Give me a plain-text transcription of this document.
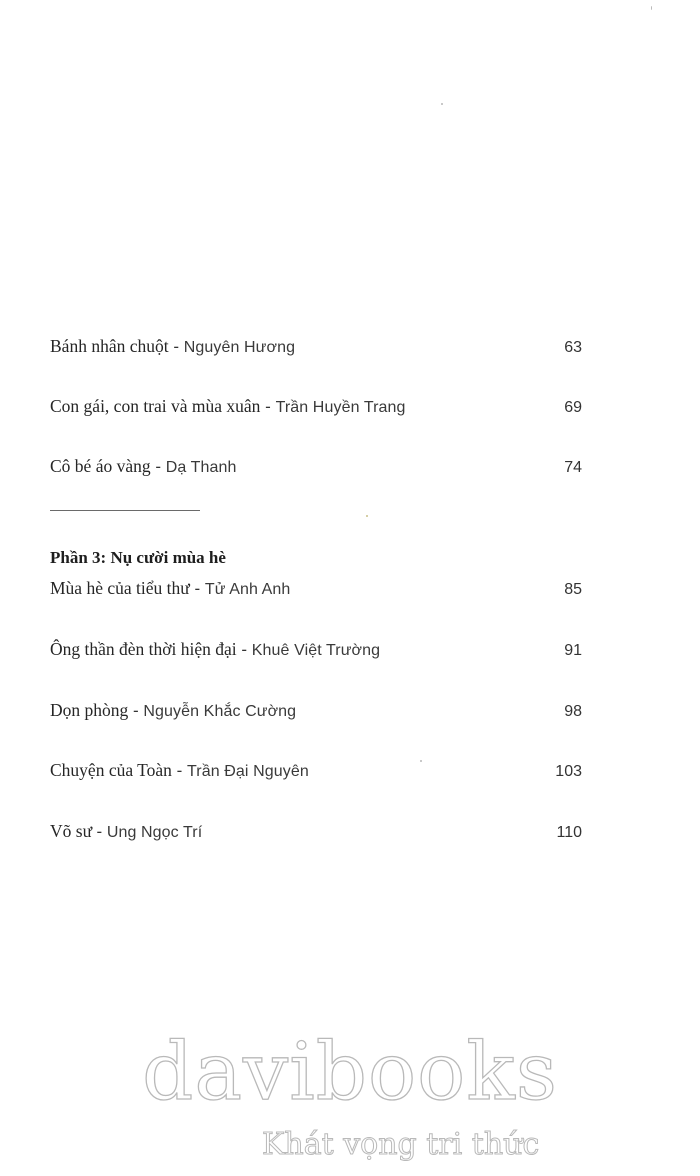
Bánh nhân chuột - Nguyên Hương	63
Con gái, con trai và mùa xuân - Trần Huyền Trang	69
Cô bé áo vàng - Dạ Thanh	74
Phần 3: Nụ cười mùa hè
Mùa hè của tiểu thư - Tử Anh Anh	85
Ông thần đèn thời hiện đại - Khuê Việt Trường	91
Dọn phòng - Nguyễn Khắc Cường	98
Chuyện của Toàn - Trần Đại Nguyên	103
Võ sư - Ung Ngọc Trí	110
davibooks
Khát vọng tri thức
